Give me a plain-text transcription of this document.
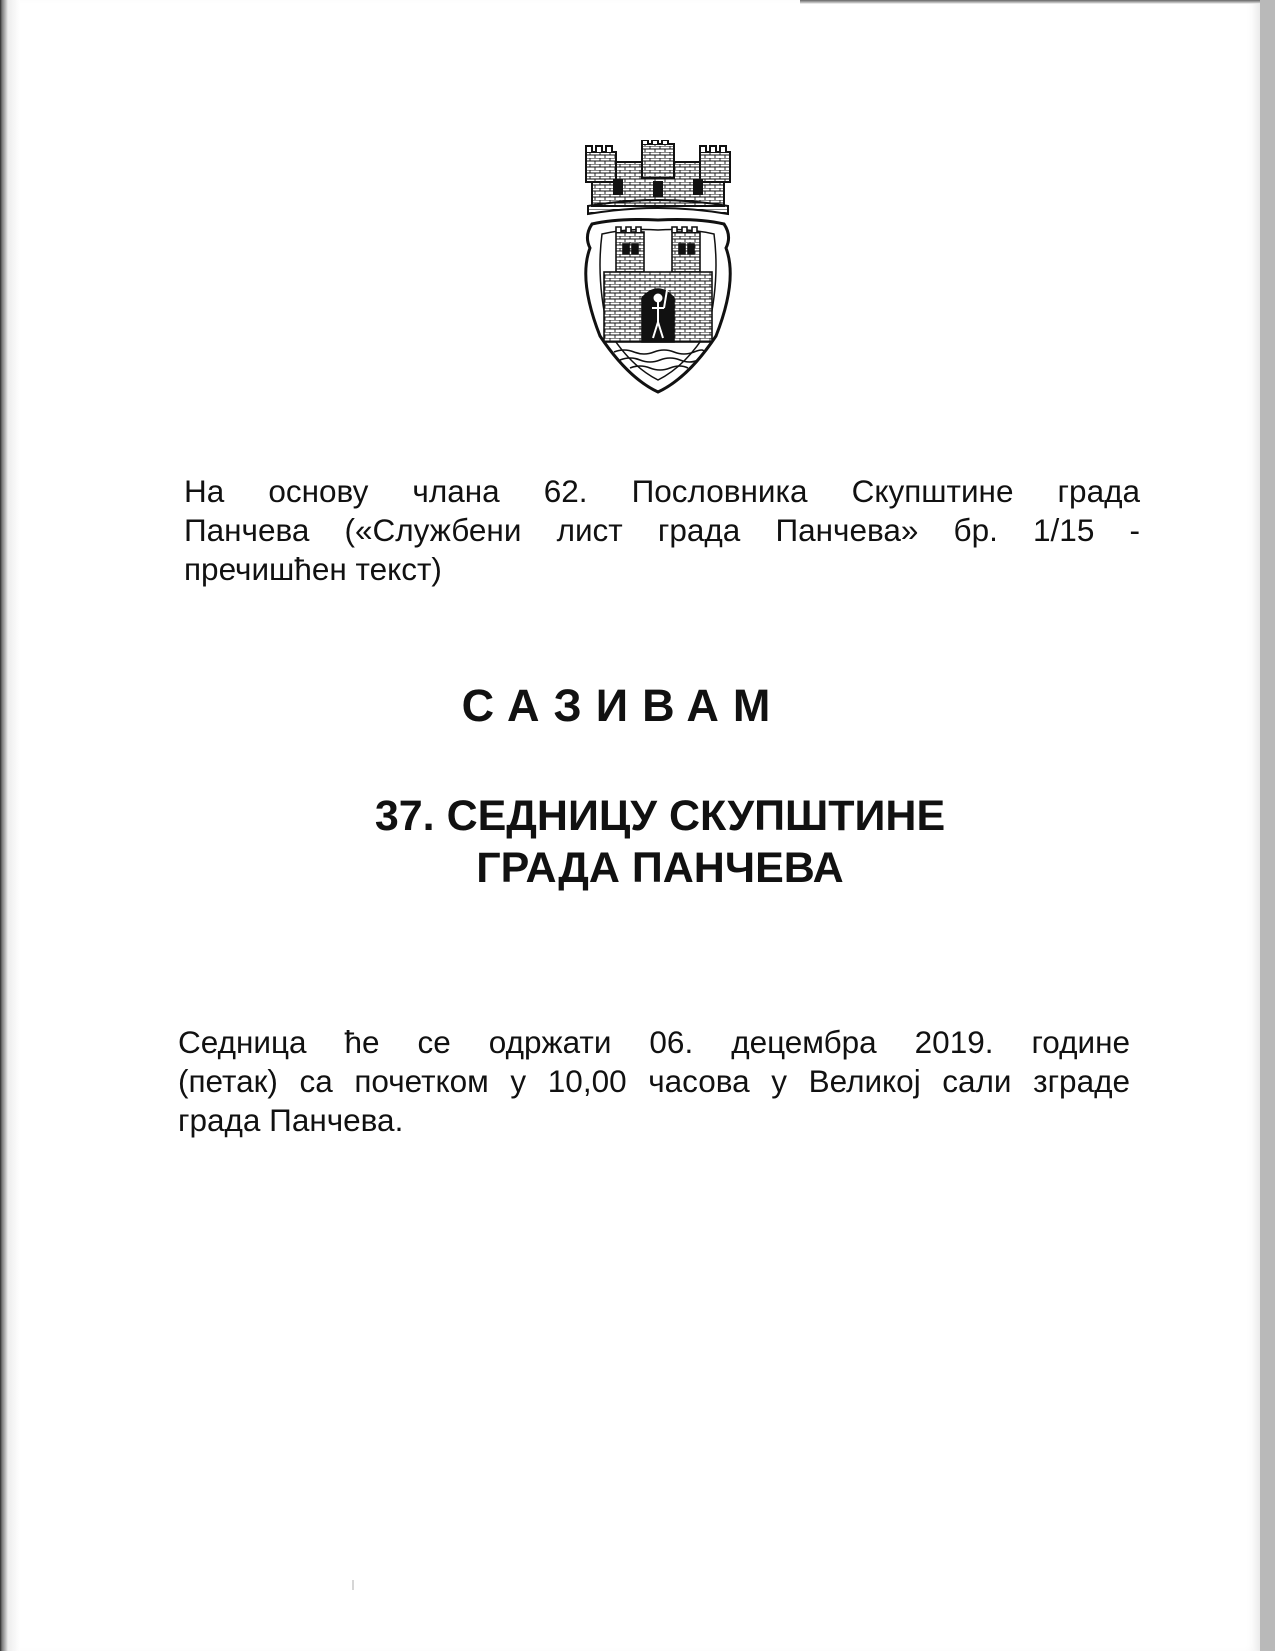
На основу члана 62. Пословника Скупштине града
Панчева («Службени лист града Панчева» бр. 1/15 -
пречишћен текст)

САЗИВАМ
37. СЕДНИЦУ СКУПШТИНЕ
ГРАДА ПАНЧЕВА

Седница ће се одржати 06. децембра 2019. године
(петак) са почетком у 10,00 часова у Великој сали зграде
града Панчева.
